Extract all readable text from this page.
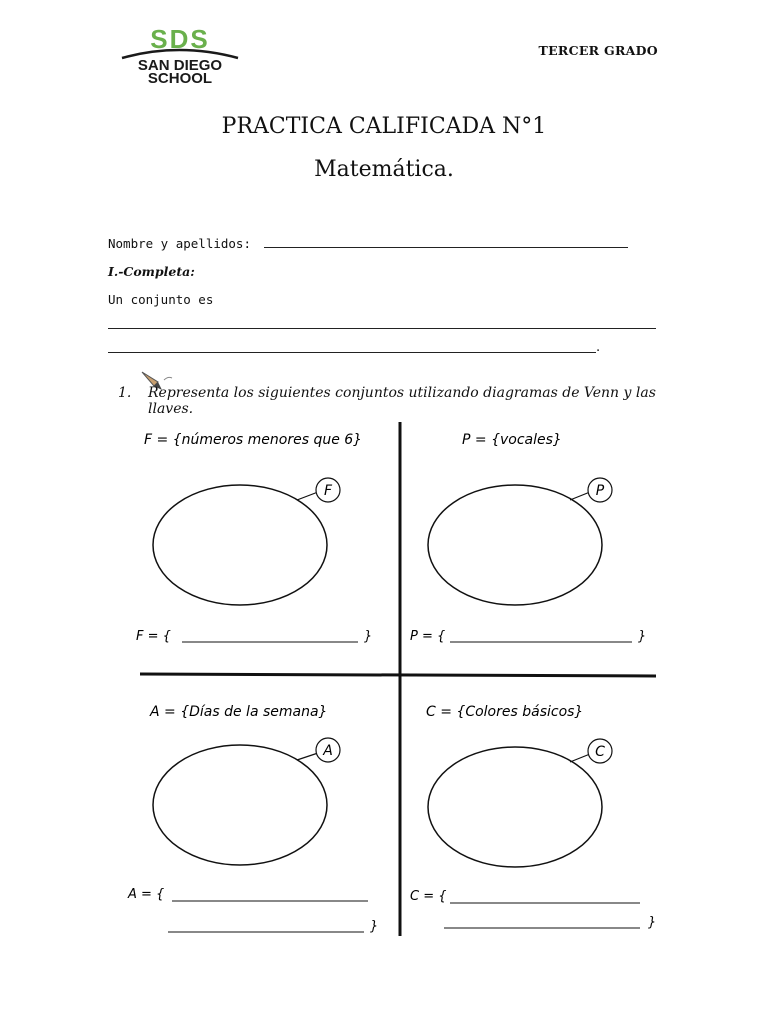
SDS
SAN DIEGO
SCHOOL
TERCER GRADO
PRACTICA CALIFICADA N°1
Matemática.
Nombre y apellidos:
I.-Completa:
Un conjunto es
.
1. Representa los siguientes conjuntos utilizando diagramas de Venn y las llaves.
F = {números menores que 6}
F
F = {	}
P = {vocales}
P
P = {	}
A = {Días de la semana}
A
A = {
}
C = {Colores básicos}
C
C = {
}
